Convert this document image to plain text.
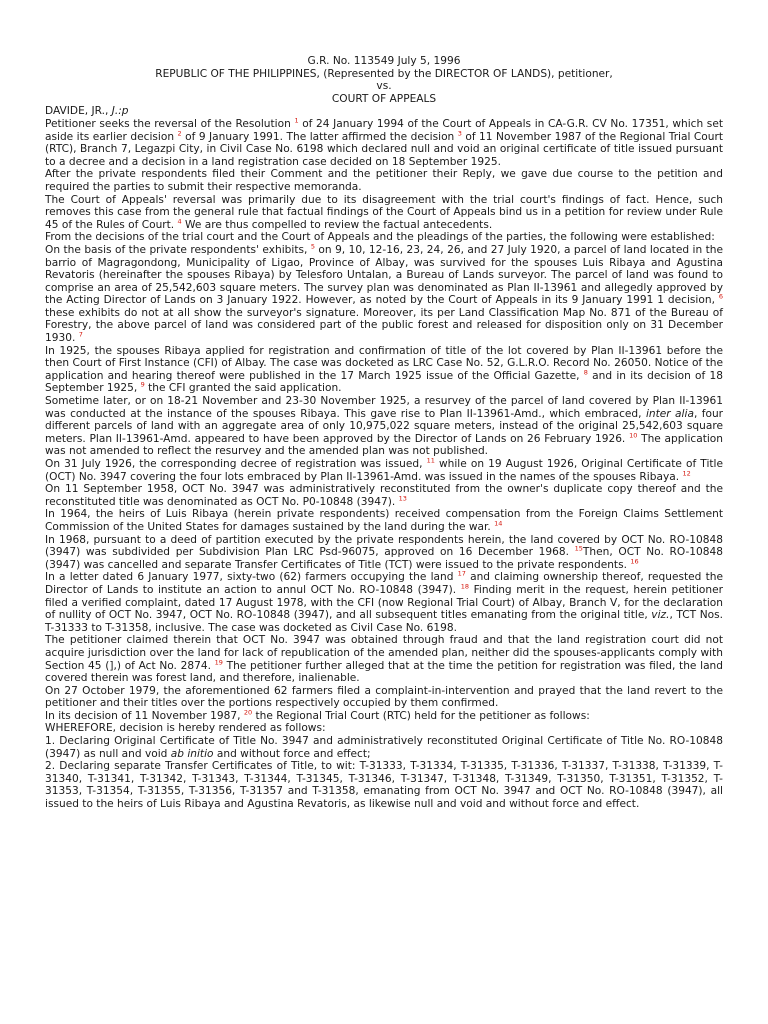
G.R. No. 113549 July 5, 1996
REPUBLIC OF THE PHILIPPINES, (Represented by the DIRECTOR OF LANDS), petitioner,
vs.
COURT OF APPEALS
DAVIDE, JR., J.:p

Petitioner seeks the reversal of the Resolution $^1$ of 24 January 1994 of the Court of Appeals in CA-G.R. CV No. 17351, which set aside its earlier decision $^2$ of 9 January 1991. The latter affirmed the decision $^3$ of 11 November 1987 of the Regional Trial Court (RTC), Branch 7, Legazpi City, in Civil Case No. 6198 which declared null and void an original certificate of title issued pursuant to a decree and a decision in a land registration case decided on 18 September 1925.

After the private respondents filed their Comment and the petitioner their Reply, we gave due course to the petition and required the parties to submit their respective memoranda.

The Court of Appeals' reversal was primarily due to its disagreement with the trial court's findings of fact. Hence, such removes this case from the general rule that factual findings of the Court of Appeals bind us in a petition for review under Rule 45 of the Rules of Court. $^4$ We are thus compelled to review the factual antecedents.

From the decisions of the trial court and the Court of Appeals and the pleadings of the parties, the following were established:

On the basis of the private respondents' exhibits, $^5$ on 9, 10, 12-16, 23, 24, 26, and 27 July 1920, a parcel of land located in the barrio of Magragondong, Municipality of Ligao, Province of Albay, was survived for the spouses Luis Ribaya and Agustina Revatoris (hereinafter the spouses Ribaya) by Telesforo Untalan, a Bureau of Lands surveyor. The parcel of land was found to comprise an area of 25,542,603 square meters. The survey plan was denominated as Plan II-13961 and allegedly approved by the Acting Director of Lands on 3 January 1922. However, as noted by the Court of Appeals in its 9 January 1991 1 decision, $^6$ these exhibits do not at all show the surveyor's signature. Moreover, its per Land Classification Map No. 871 of the Bureau of Forestry, the above parcel of land was considered part of the public forest and released for disposition only on 31 December 1930. $^7$

In 1925, the spouses Ribaya applied for registration and confirmation of title of the lot covered by Plan II-13961 before the then Court of First Instance (CFI) of Albay. The case was docketed as LRC Case No. 52, G.L.R.O. Record No. 26050. Notice of the application and hearing thereof were published in the 17 March 1925 issue of the Official Gazette, $^8$ and in its decision of 18 September 1925, $^9$ the CFI granted the said application.

Sometime later, or on 18-21 November and 23-30 November 1925, a resurvey of the parcel of land covered by Plan II-13961 was conducted at the instance of the spouses Ribaya. This gave rise to Plan II-13961-Amd., which embraced, inter alia, four different parcels of land with an aggregate area of only 10,975,022 square meters, instead of the original 25,542,603 square meters. Plan II-13961-Amd. appeared to have been approved by the Director of Lands on 26 February 1926. $^{10}$ The application was not amended to reflect the resurvey and the amended plan was not published.

On 31 July 1926, the corresponding decree of registration was issued, $^{11}$ while on 19 August 1926, Original Certificate of Title (OCT) No. 3947 covering the four lots embraced by Plan II-13961-Amd. was issued in the names of the spouses Ribaya. $^{12}$

On 11 September 1958, OCT No. 3947 was administratively reconstituted from the owner's duplicate copy thereof and the reconstituted title was denominated as OCT No. P0-10848 (3947). $^{13}$

In 1964, the heirs of Luis Ribaya (herein private respondents) received compensation from the Foreign Claims Settlement Commission of the United States for damages sustained by the land during the war. $^{14}$

In 1968, pursuant to a deed of partition executed by the private respondents herein, the land covered by OCT No. RO-10848 (3947) was subdivided per Subdivision Plan LRC Psd-96075, approved on 16 December 1968. $^{15}$Then, OCT No. RO-10848 (3947) was cancelled and separate Transfer Certificates of Title (TCT) were issued to the private respondents. $^{16}$

In a letter dated 6 January 1977, sixty-two (62) farmers occupying the land $^{17}$ and claiming ownership thereof, requested the Director of Lands to institute an action to annul OCT No. RO-10848 (3947). $^{18}$ Finding merit in the request, herein petitioner filed a verified complaint, dated 17 August 1978, with the CFI (now Regional Trial Court) of Albay, Branch V, for the declaration of nullity of OCT No. 3947, OCT No. RO-10848 (3947), and all subsequent titles emanating from the original title, viz., TCT Nos. T-31333 to T-31358, inclusive. The case was docketed as Civil Case No. 6198.

The petitioner claimed therein that OCT No. 3947 was obtained through fraud and that the land registration court did not acquire jurisdiction over the land for lack of republication of the amended plan, neither did the spouses-applicants comply with Section 45 (],) of Act No. 2874. $^{19}$ The petitioner further alleged that at the time the petition for registration was filed, the land covered therein was forest land, and therefore, inalienable.

On 27 October 1979, the aforementioned 62 farmers filed a complaint-in-intervention and prayed that the land revert to the petitioner and their titles over the portions respectively occupied by them confirmed.

In its decision of 11 November 1987, $^{20}$ the Regional Trial Court (RTC) held for the petitioner as follows:

WHEREFORE, decision is hereby rendered as follows:

1. Declaring Original Certificate of Title No. 3947 and administratively reconstituted Original Certificate of Title No. RO-10848 (3947) as null and void ab initio and without force and effect;

2. Declaring separate Transfer Certificates of Title, to wit: T-31333, T-31334, T-31335, T-31336, T-31337, T-31338, T-31339, T-31340, T-31341, T-31342, T-31343, T-31344, T-31345, T-31346, T-31347, T-31348, T-31349, T-31350, T-31351, T-31352, T-31353, T-31354, T-31355, T-31356, T-31357 and T-31358, emanating from OCT No. 3947 and OCT No. RO-10848 (3947), all issued to the heirs of Luis Ribaya and Agustina Revatoris, as likewise null and void and without force and effect.
